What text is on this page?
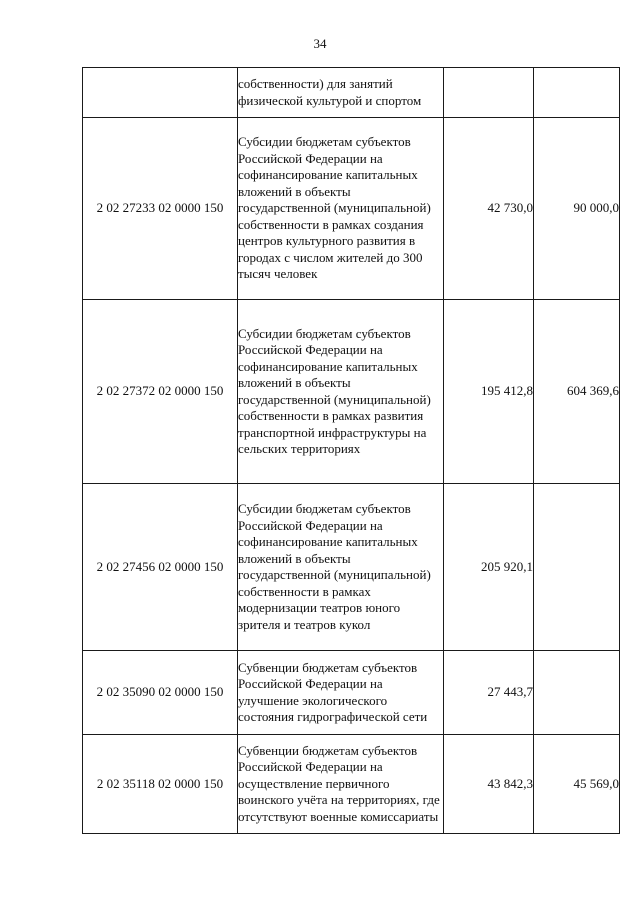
34
	собственности) для занятий физической культурой и спортом		
2 02 27233 02 0000 150	Субсидии бюджетам субъектов Российской Федерации на софинансирование капитальных вложений в объекты государственной (муниципальной) собственности в рамках создания центров культурного развития в городах с числом жителей до 300 тысяч человек	42 730,0	90 000,0
2 02 27372 02 0000 150	Субсидии бюджетам субъектов Российской Федерации на софинансирование капитальных вложений в объекты государственной (муниципальной) собственности в рамках развития транспортной инфраструктуры на сельских территориях	195 412,8	604 369,6
2 02 27456 02 0000 150	Субсидии бюджетам субъектов Российской Федерации на софинансирование капитальных вложений в объекты государственной (муниципальной) собственности в рамках модернизации театров юного зрителя и театров кукол	205 920,1	
2 02 35090 02 0000 150	Субвенции бюджетам субъектов Российской Федерации на улучшение экологического состояния гидрографической сети	27 443,7	
2 02 35118 02 0000 150	Субвенции бюджетам субъектов Российской Федерации на осуществление первичного воинского учёта на территориях, где отсутствуют военные комиссариаты	43 842,3	45 569,0
